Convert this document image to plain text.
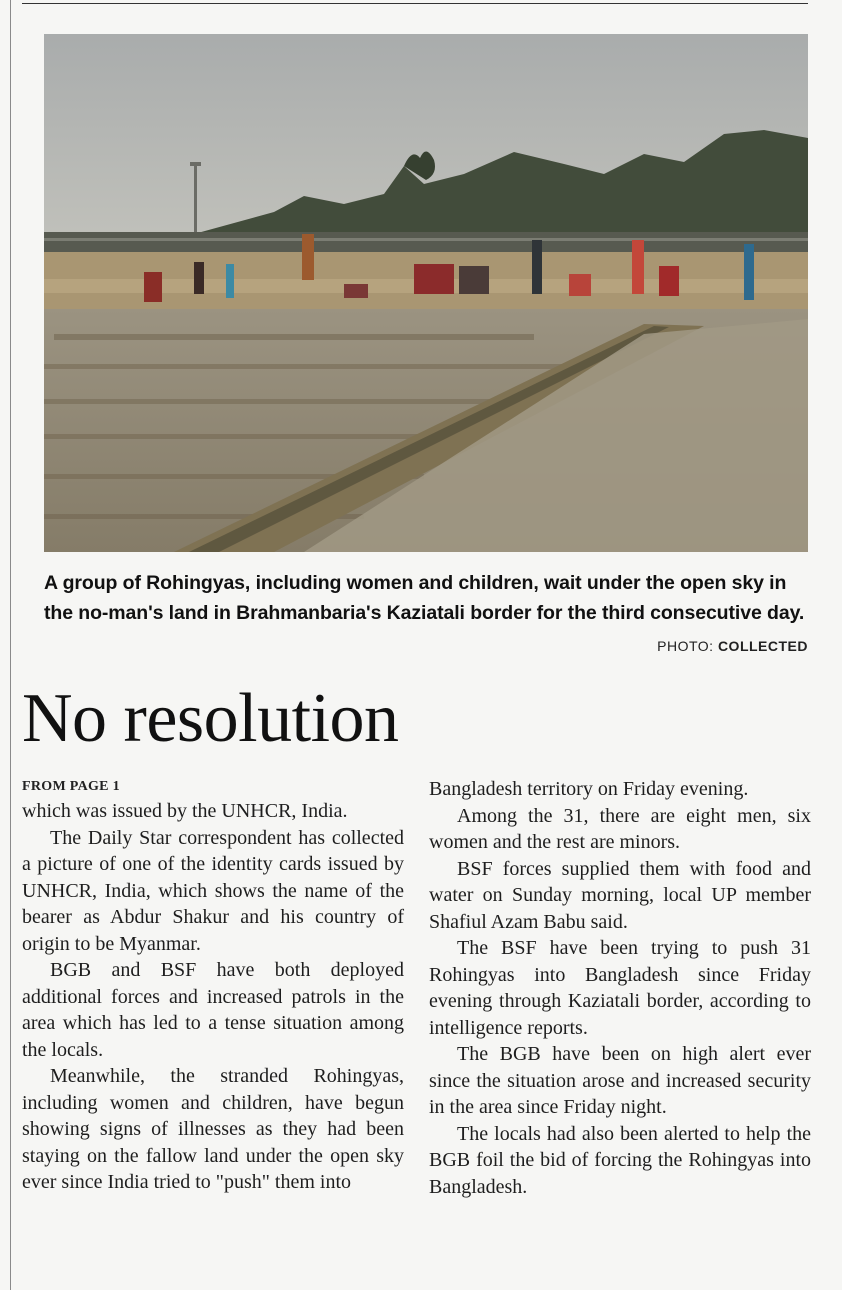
A group of Rohingyas, including women and children, wait under the open sky in the no-man's land in Brahmanbaria's Kaziatali border for the third consecutive day.
PHOTO: COLLECTED
No resolution
FROM PAGE 1

which was issued by the UNHCR, India.

The Daily Star correspondent has collected a picture of one of the identity cards issued by UNHCR, India, which shows the name of the bearer as Abdur Shakur and his country of origin to be Myanmar.

BGB and BSF have both deployed additional forces and increased patrols in the area which has led to a tense situation among the locals.

Meanwhile, the stranded Rohingyas, including women and children, have begun showing signs of illnesses as they had been staying on the fallow land under the open sky ever since India tried to "push" them into

Bangladesh territory on Friday evening.

Among the 31, there are eight men, six women and the rest are minors.

BSF forces supplied them with food and water on Sunday morning, local UP member Shafiul Azam Babu said.

The BSF have been trying to push 31 Rohingyas into Bangladesh since Friday evening through Kaziatali border, according to intelligence reports.

The BGB have been on high alert ever since the situation arose and increased security in the area since Friday night.

The locals had also been alerted to help the BGB foil the bid of forcing the Rohingyas into Bangladesh.
